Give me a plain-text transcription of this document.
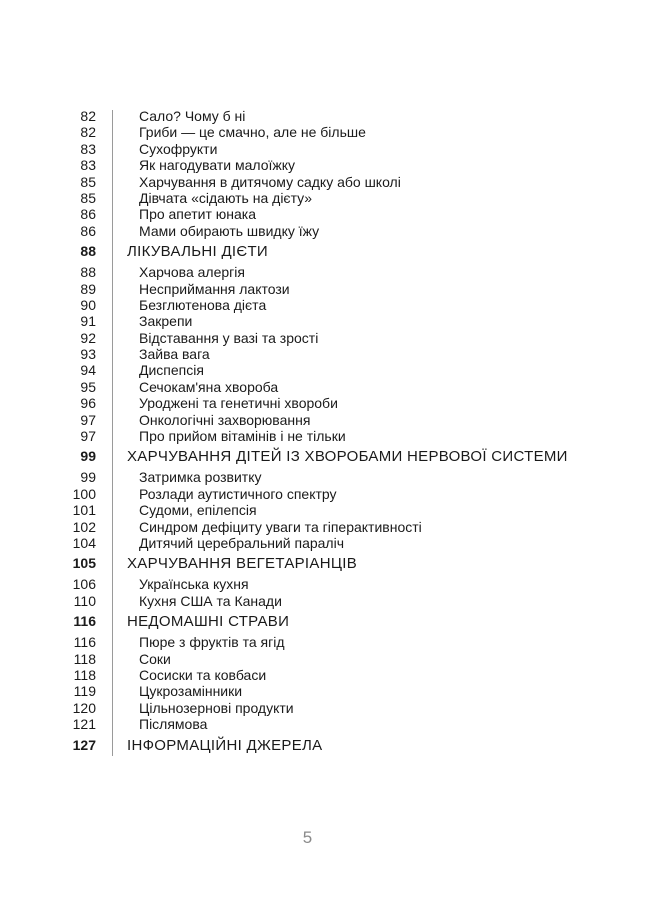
82	Сало? Чому б ні
82	Гриби — це смачно, але не більше
83	Сухофрукти
83	Як нагодувати малоїжку
85	Харчування в дитячому садку або школі
85	Дівчата «сідають на дієту»
86	Про апетит юнака
86	Мами обирають швидку їжу
88 ЛІКУВАЛЬНІ ДІЄТИ
88	Харчова алергія
89	Несприймання лактози
90	Безглютенова дієта
91	Закрепи
92	Відставання у вазі та зрості
93	Зайва вага
94	Диспепсія
95	Сечокам'яна хвороба
96	Уроджені та генетичні хвороби
97	Онкологічні захворювання
97	Про прийом вітамінів і не тільки
99 ХАРЧУВАННЯ ДІТЕЙ ІЗ ХВОРОБАМИ НЕРВОВОЇ СИСТЕМИ
99	Затримка розвитку
100	Розлади аутистичного спектру
101	Судоми, епілепсія
102	Синдром дефіциту уваги та гіперактивності
104	Дитячий церебральний параліч
105 ХАРЧУВАННЯ ВЕГЕТАРІАНЦІВ
106	Українська кухня
110	Кухня США та Канади
116 НЕДОМАШНІ СТРАВИ
116	Пюре з фруктів та ягід
118	Соки
118	Сосиски та ковбаси
119	Цукрозамінники
120	Цільнозернові продукти
121	Післямова
127 ІНФОРМАЦІЙНІ ДЖЕРЕЛА
5
